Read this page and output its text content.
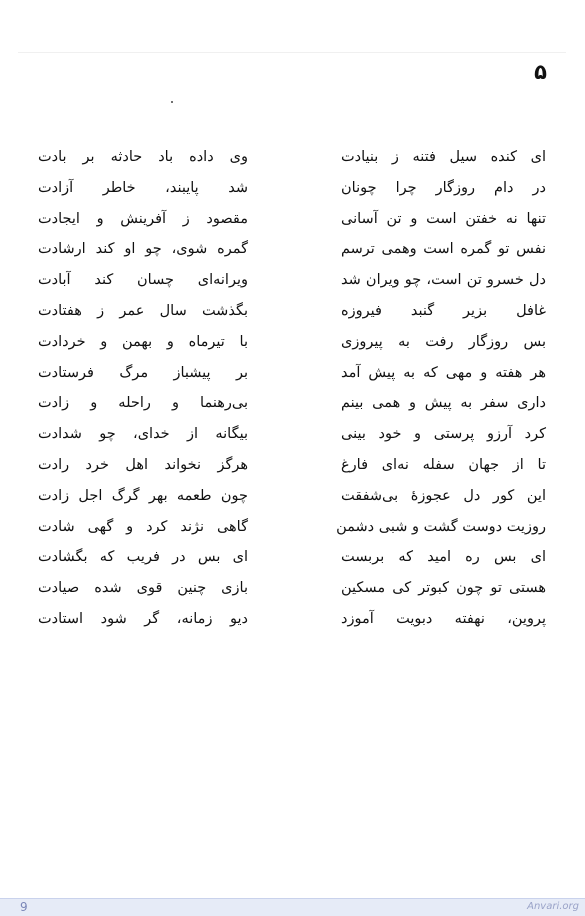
۵
ای کنده سیل فتنه ز بنیادت
وی داده باد حادثه بر بادت
در دام روزگار چرا چونان
شد پایبند، خاطر آزادت
تنها نه خفتن است و تن آسانی
مقصود ز آفرینش و ایجادت
نفس تو گمره است وهمی ترسم
گمره شوی، چو او کند ارشادت
دل خسرو تن است، چو ویران شد
ویرانه‌ای چسان کند آبادت
غافل بزیر گنبد فیروزه
بگذشت سال عمر ز هفتادت
بس روزگار رفت به پیروزی
با تیرماه و بهمن و خردادت
هر هفته و مهی که به پیش آمد
بر پیشباز مرگ فرستادت
داری سفر به پیش و همی بینم
بی‌رهنما و راحله و زادت
کرد آرزو پرستی و خود بینی
بیگانه از خدای، چو شدادت
تا از جهان سفله نه‌ای فارغ
هرگز نخواند اهل خرد رادت
این کور دل عجوزهٔ بی‌شفقت
چون طعمه بهر گرگ اجل زادت
روزیت دوست گشت و شبی دشمن
گاهی نژند کرد و گهی شادت
ای بس ره امید که بربست
ای بس در فریب که بگشادت
هستی تو چون کبوتر کی مسکین
بازی چنین قوی شده صیادت
پروین، نهفته دبویت آموزد
دیو زمانه، گر شود استادت
9	Anvari.org
